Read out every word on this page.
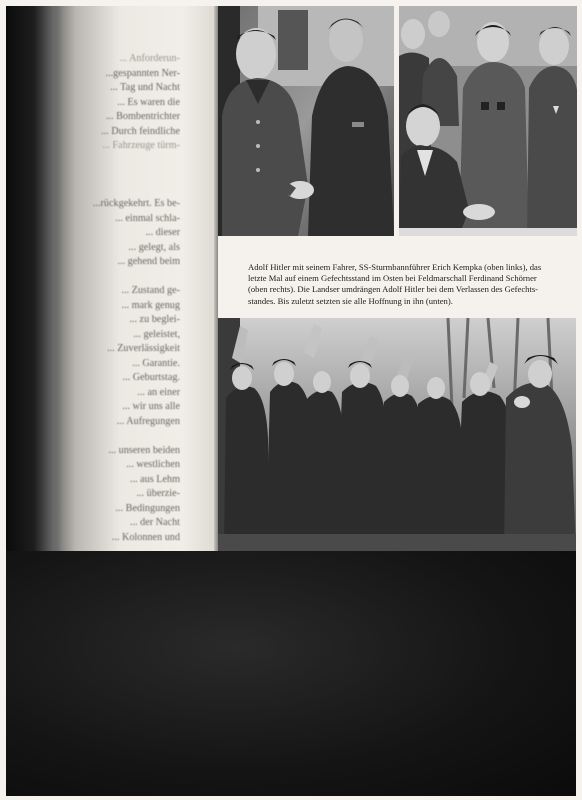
... Anforderun-
...gespannten Ner-
... Tag und Nacht
... Es waren die
... Bombentrichter
... Durch feindliche
... Fahrzeuge türm-
...rückgekehrt. Es be-
... einmal schla-
... dieser
... gelegt, als
... gehend beim
... Zustand ge-
... mark genug
... zu beglei-
... geleistet,
... Zuverlässigkeit
... Garantie.
... Geburtstag.
... an einer
... wir uns alle
... Aufregungen
... unseren beiden
... westlichen
... aus Lehm
... überzie-
... Bedingungen
... der Nacht
... Kolonnen und
Adolf Hitler mit seinem Fahrer, SS-Sturmbannführer Erich Kempka (oben links), das
letzte Mal auf einem Gefechtsstand im Osten bei Feldmarschall Ferdinand Schörner
(oben rechts). Die Landser umdrängen Adolf Hitler bei dem Verlassen des Gefechts-
standes. Bis zuletzt setzten sie alle Hoffnung in ihn (unten).
